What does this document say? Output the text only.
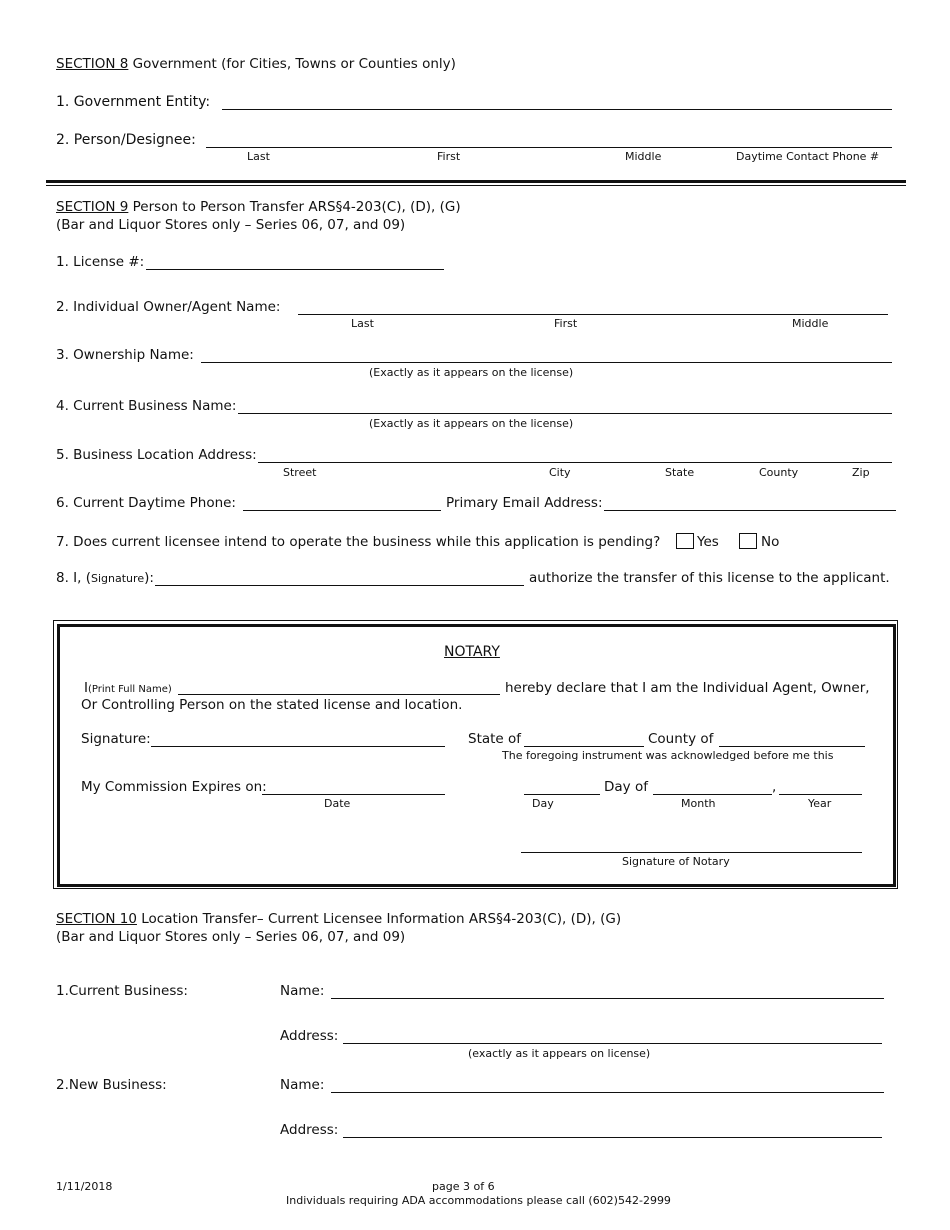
SECTION 8 Government (for Cities, Towns or Counties only)
1. Government Entity:
2. Person/Designee:
Last	First	Middle	Daytime Contact Phone #
SECTION 9 Person to Person Transfer ARS§4-203(C), (D), (G)
(Bar and Liquor Stores only – Series 06, 07, and 09)
1. License #:
2. Individual Owner/Agent Name:
Last	First	Middle
3. Ownership Name:
(Exactly as it appears on the license)
4. Current Business Name:
(Exactly as it appears on the license)
5. Business Location Address:
Street	City	State	County	Zip
6. Current Daytime Phone:	Primary Email Address:
7. Does current licensee intend to operate the business while this application is pending?	Yes	No
8. I, (Signature):	authorize the transfer of this license to the applicant.
NOTARY
I(Print Full Name)	hereby declare that I am the Individual Agent, Owner,
Or Controlling Person on the stated license and location.
Signature:	State of	County of
The foregoing instrument was acknowledged before me this
My Commission Expires on:
Date
Day of	,
Day	Month	Year
Signature of Notary
SECTION 10 Location Transfer– Current Licensee Information ARS§4-203(C), (D), (G)
(Bar and Liquor Stores only – Series 06, 07, and 09)
1.Current Business:	Name:
Address:
(exactly as it appears on license)
2.New Business:	Name:
Address:
1/11/2018	page 3 of 6
Individuals requiring ADA accommodations please call (602)542-2999
